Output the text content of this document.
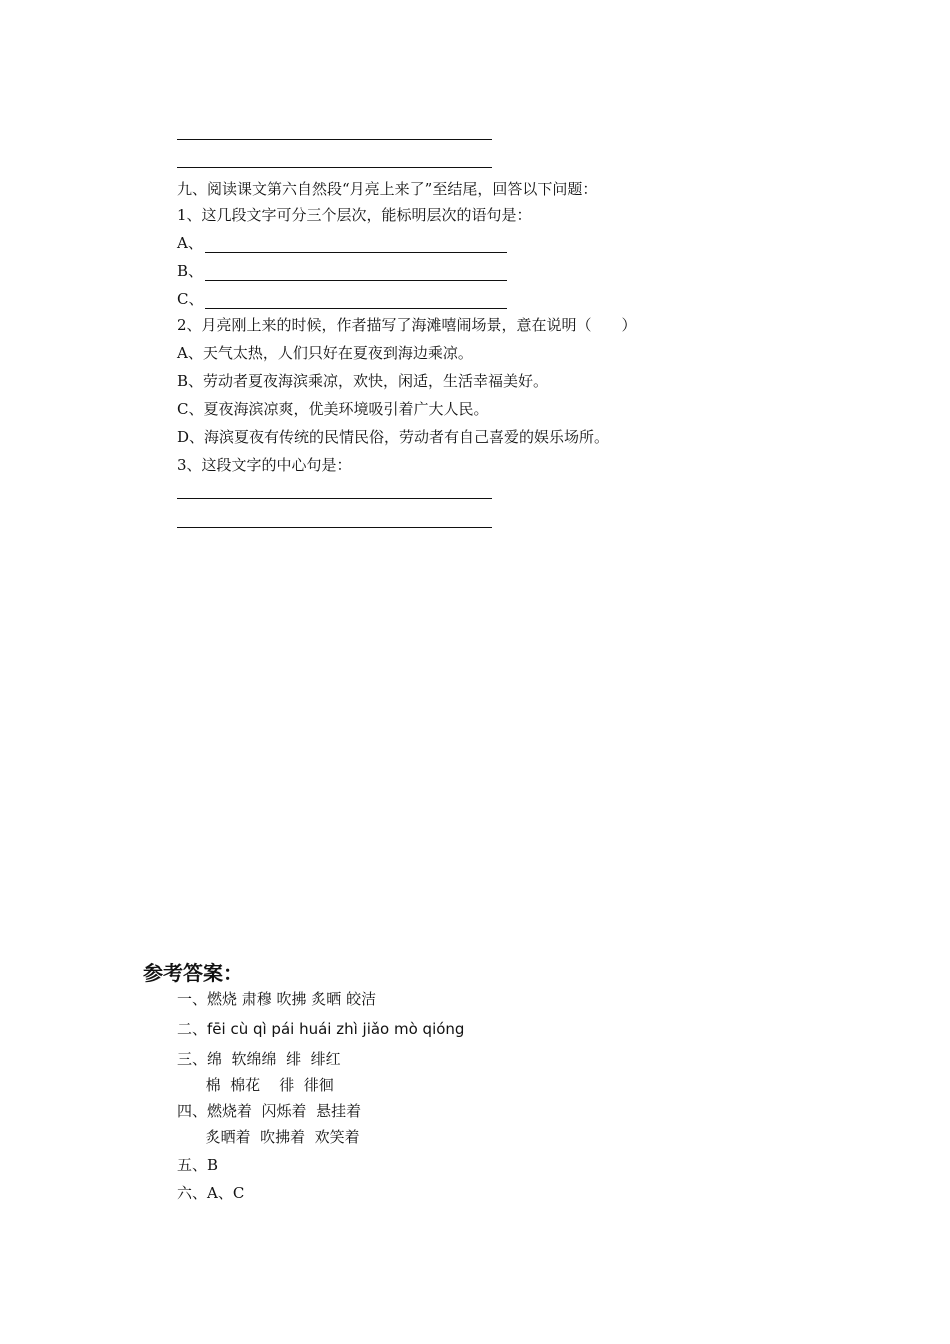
九、阅读课文第六自然段“月亮上来了”至结尾，回答以下问题：
1、这几段文字可分三个层次，能标明层次的语句是：
A、
B、
C、
2、月亮刚上来的时候，作者描写了海滩嘻闹场景，意在说明（　　）
A、天气太热，人们只好在夏夜到海边乘凉。
B、劳动者夏夜海滨乘凉，欢快，闲适，生活幸福美好。
C、夏夜海滨凉爽，优美环境吸引着广大人民。
D、海滨夏夜有传统的民情民俗，劳动者有自己喜爱的娱乐场所。
3、这段文字的中心句是：
参考答案：
一、燃烧 肃穆 吹拂 炙晒 皎洁
二、fēi cù qì pái huái zhì jiǎo mò qióng
三、绵  软绵绵  绯  绯红
棉  棉花    徘  徘徊
四、燃烧着  闪烁着  悬挂着
炙晒着  吹拂着  欢笑着
五、B
六、A、C
